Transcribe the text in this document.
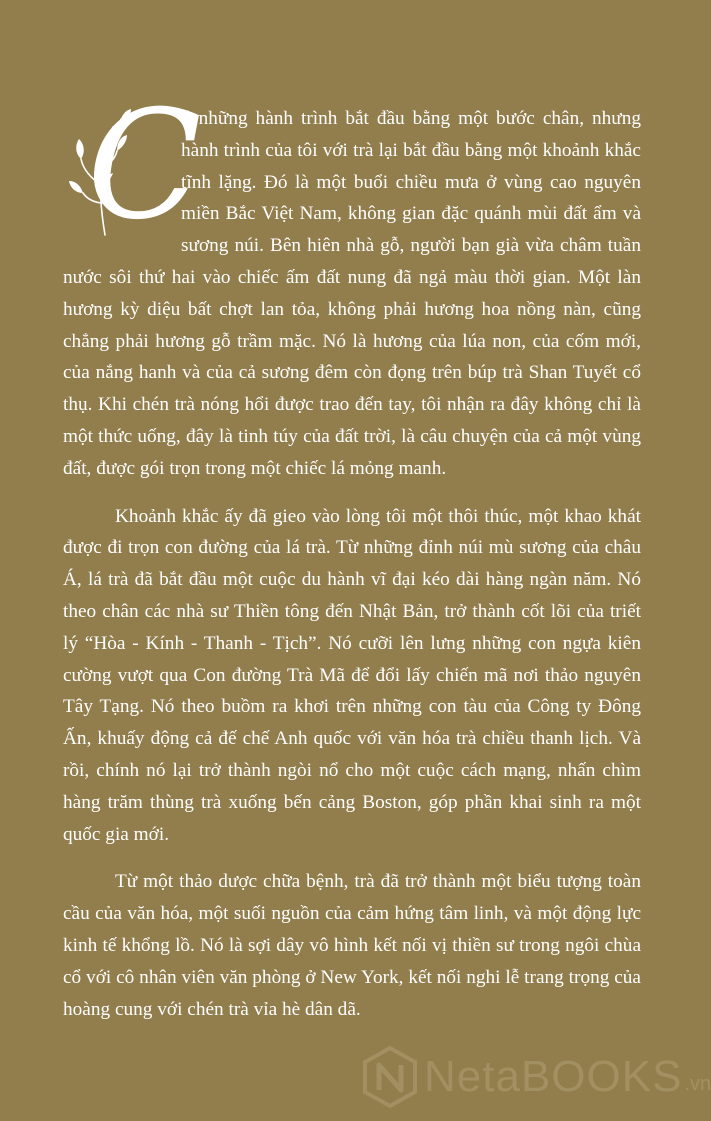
C
ó những hành trình bắt đầu bằng một bước chân, nhưng hành trình của tôi với trà lại bắt đầu bằng một khoảnh khắc tĩnh lặng. Đó là một buổi chiều mưa ở vùng cao nguyên miền Bắc Việt Nam, không gian đặc quánh mùi đất ẩm và sương núi. Bên hiên nhà gỗ, người bạn già vừa châm tuần nước sôi thứ hai vào chiếc ấm đất nung đã ngả màu thời gian. Một làn hương kỳ diệu bất chợt lan tỏa, không phải hương hoa nồng nàn, cũng chẳng phải hương gỗ trầm mặc. Nó là hương của lúa non, của cốm mới, của nắng hanh và của cả sương đêm còn đọng trên búp trà Shan Tuyết cổ thụ. Khi chén trà nóng hổi được trao đến tay, tôi nhận ra đây không chỉ là một thức uống, đây là tinh túy của đất trời, là câu chuyện của cả một vùng đất, được gói trọn trong một chiếc lá mỏng manh.

Khoảnh khắc ấy đã gieo vào lòng tôi một thôi thúc, một khao khát được đi trọn con đường của lá trà. Từ những đỉnh núi mù sương của châu Á, lá trà đã bắt đầu một cuộc du hành vĩ đại kéo dài hàng ngàn năm. Nó theo chân các nhà sư Thiền tông đến Nhật Bản, trở thành cốt lõi của triết lý “Hòa - Kính - Thanh - Tịch”. Nó cưỡi lên lưng những con ngựa kiên cường vượt qua Con đường Trà Mã để đổi lấy chiến mã nơi thảo nguyên Tây Tạng. Nó theo buồm ra khơi trên những con tàu của Công ty Đông Ấn, khuấy động cả đế chế Anh quốc với văn hóa trà chiều thanh lịch. Và rồi, chính nó lại trở thành ngòi nổ cho một cuộc cách mạng, nhấn chìm hàng trăm thùng trà xuống bến cảng Boston, góp phần khai sinh ra một quốc gia mới.

Từ một thảo dược chữa bệnh, trà đã trở thành một biểu tượng toàn cầu của văn hóa, một suối nguồn của cảm hứng tâm linh, và một động lực kinh tế khổng lồ. Nó là sợi dây vô hình kết nối vị thiền sư trong ngôi chùa cổ với cô nhân viên văn phòng ở New York, kết nối nghi lễ trang trọng của hoàng cung với chén trà vỉa hè dân dã.

NetaBOOKS .vn
